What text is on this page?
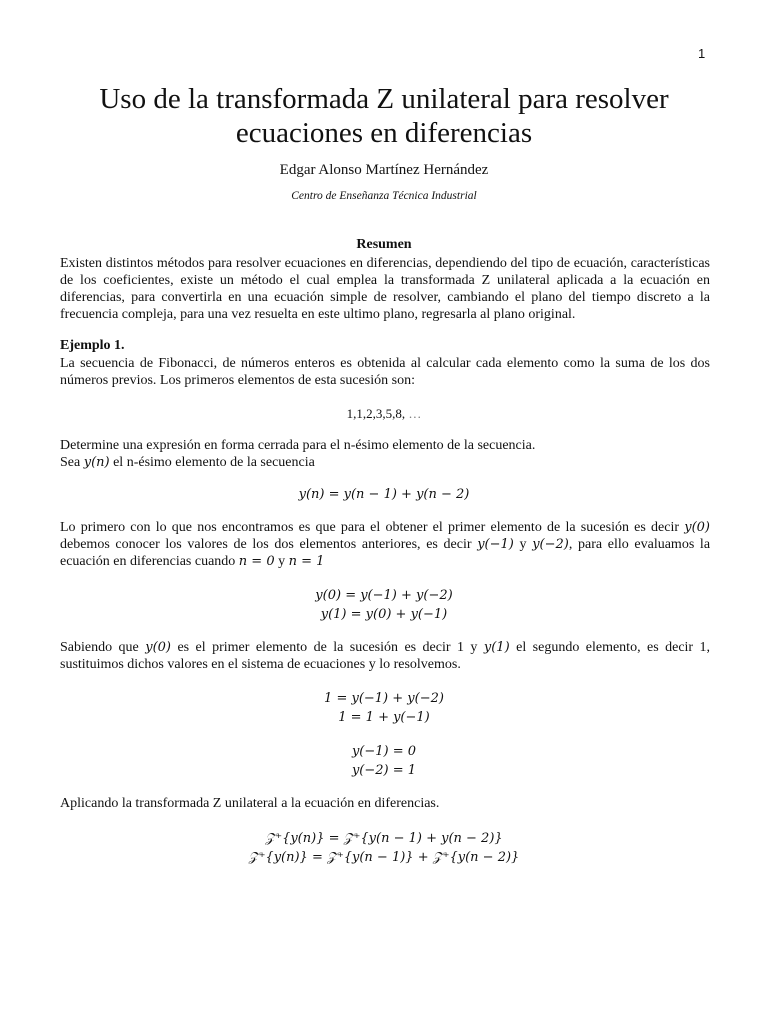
1
Uso de la transformada Z unilateral para resolver
ecuaciones en diferencias
Edgar Alonso Martínez Hernández
Centro de Enseñanza Técnica Industrial
Resumen
Existen distintos métodos para resolver ecuaciones en diferencias, dependiendo del tipo de ecuación, características de los coeficientes, existe un método el cual emplea la transformada Z unilateral aplicada a la ecuación en diferencias, para convertirla en una ecuación simple de resolver, cambiando el plano del tiempo discreto a la frecuencia compleja, para una vez resuelta en este ultimo plano, regresarla al plano original.
Ejemplo 1.
La secuencia de Fibonacci, de números enteros es obtenida al calcular cada elemento como la suma de los dos números previos. Los primeros elementos de esta sucesión son:
1,1,2,3,5,8, …
Determine una expresión en forma cerrada para el n-ésimo elemento de la secuencia.
Sea y(n) el n-ésimo elemento de la secuencia
y(n) = y(n − 1) + y(n − 2)
Lo primero con lo que nos encontramos es que para el obtener el primer elemento de la sucesión es decir y(0) debemos conocer los valores de los dos elementos anteriores, es decir y(−1) y y(−2), para ello evaluamos la ecuación en diferencias cuando n = 0 y n = 1
y(0) = y(−1) + y(−2)
y(1) = y(0) + y(−1)
Sabiendo que y(0) es el primer elemento de la sucesión es decir 1 y y(1) el segundo elemento, es decir 1, sustituimos dichos valores en el sistema de ecuaciones y lo resolvemos.
1 = y(−1) + y(−2)
1 = 1 + y(−1)
y(−1) = 0
y(−2) = 1
Aplicando la transformada Z unilateral a la ecuación en diferencias.
𝒵⁺{y(n)} = 𝒵⁺{y(n − 1) + y(n − 2)}
𝒵⁺{y(n)} = 𝒵⁺{y(n − 1)} + 𝒵⁺{y(n − 2)}
